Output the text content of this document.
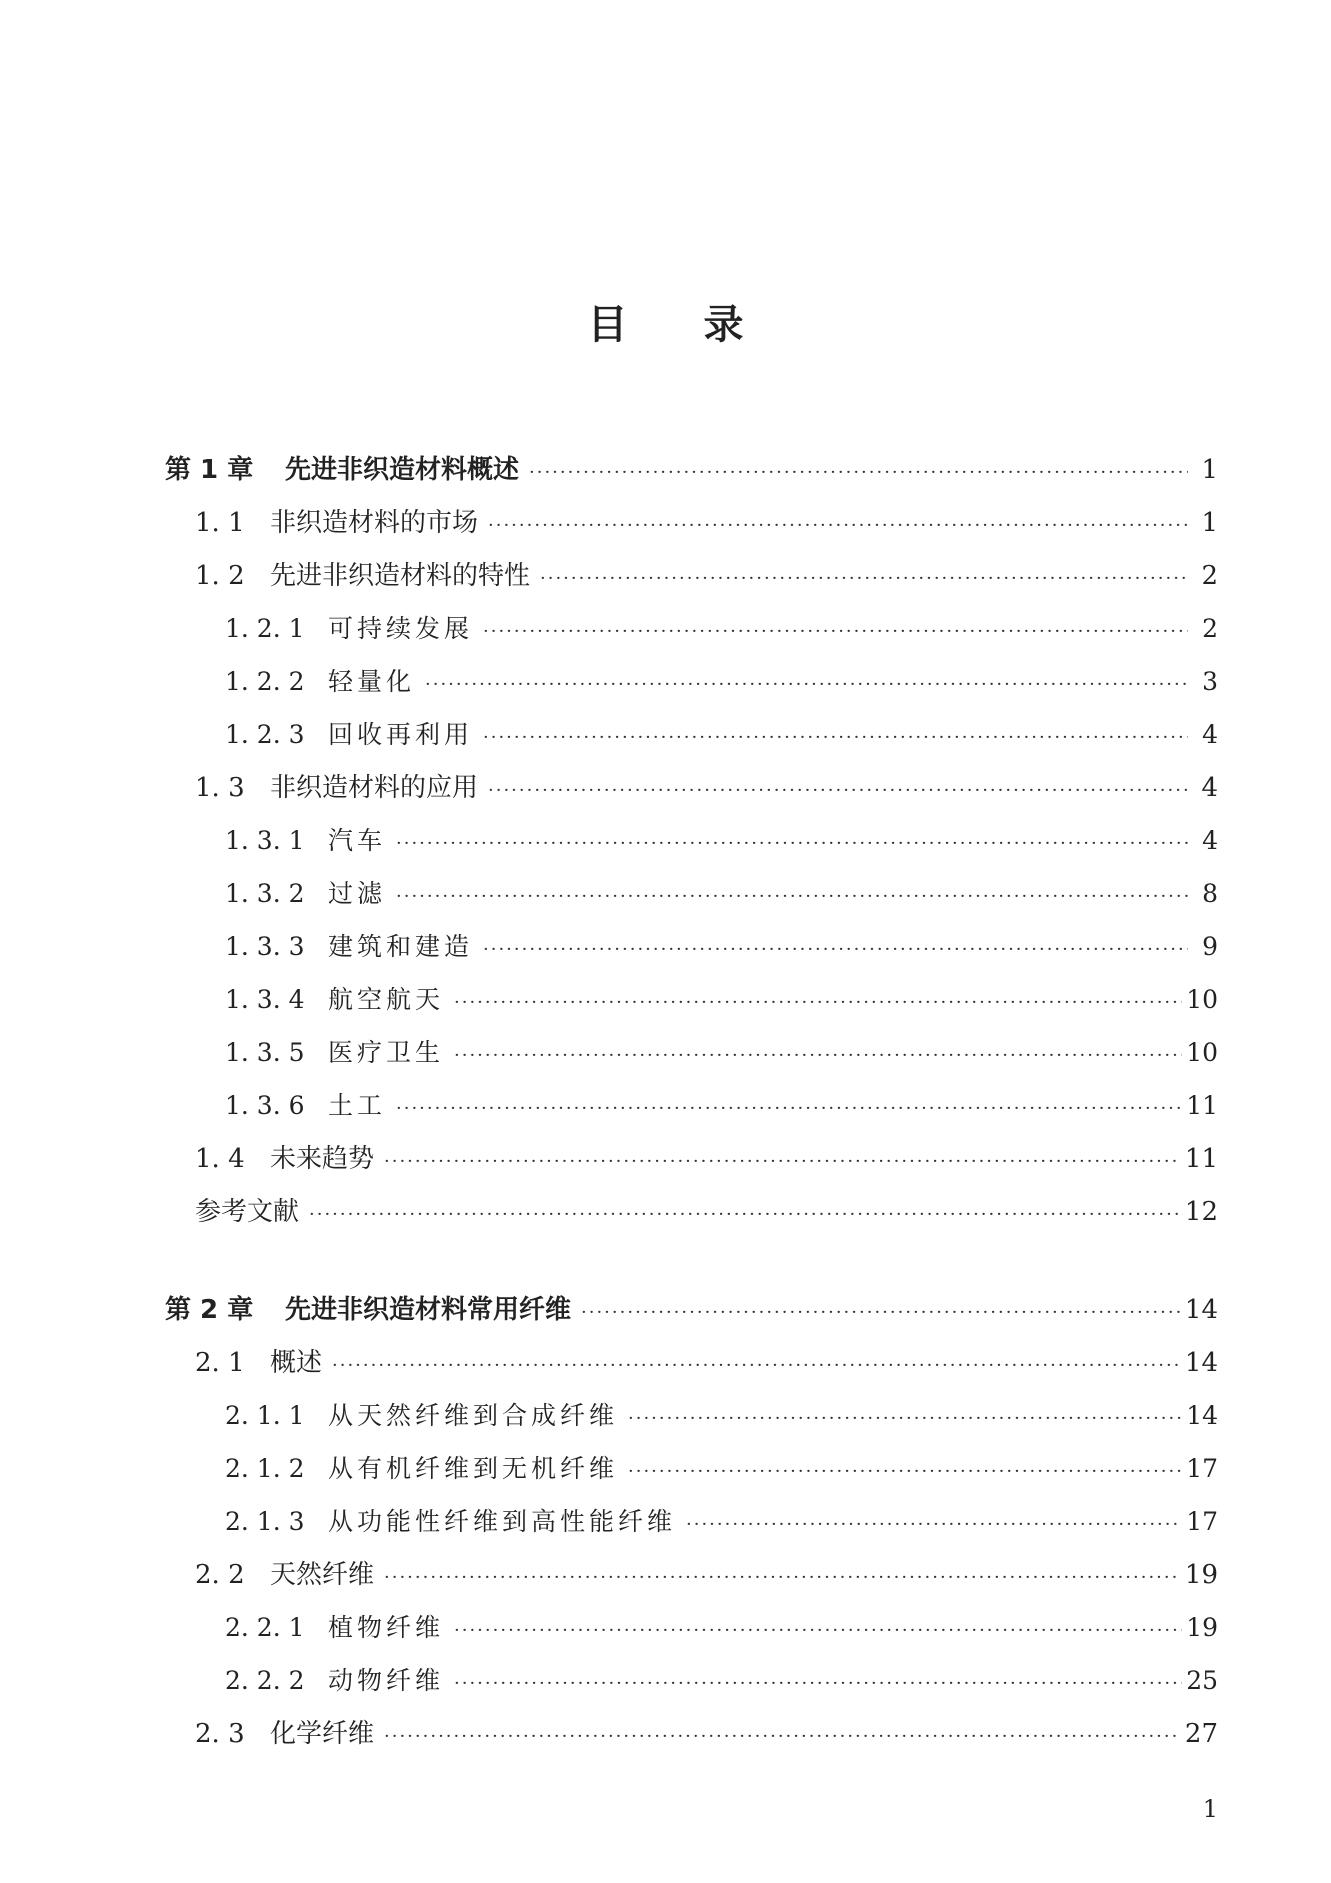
目录
第 1 章	先进非织造材料概述 ·····	1
1. 1 非织造材料的市场 ·····	1
1. 2 先进非织造材料的特性 ·····	2
1. 2. 1 可持续发展 ·····	2
1. 2. 2 轻量化 ·····	3
1. 2. 3 回收再利用 ·····	4
1. 3 非织造材料的应用 ·····	4
1. 3. 1 汽车 ·····	4
1. 3. 2 过滤 ·····	8
1. 3. 3 建筑和建造 ·····	9
1. 3. 4 航空航天 ·····	10
1. 3. 5 医疗卫生 ·····	10
1. 3. 6 土工 ·····	11
1. 4 未来趋势 ·····	11
参考文献 ·····	12
第 2 章	先进非织造材料常用纤维 ·····	14
2. 1 概述 ·····	14
2. 1. 1 从天然纤维到合成纤维 ·····	14
2. 1. 2 从有机纤维到无机纤维 ·····	17
2. 1. 3 从功能性纤维到高性能纤维 ·····	17
2. 2 天然纤维 ·····	19
2. 2. 1 植物纤维 ·····	19
2. 2. 2 动物纤维 ·····	25
2. 3 化学纤维 ·····	27
1
